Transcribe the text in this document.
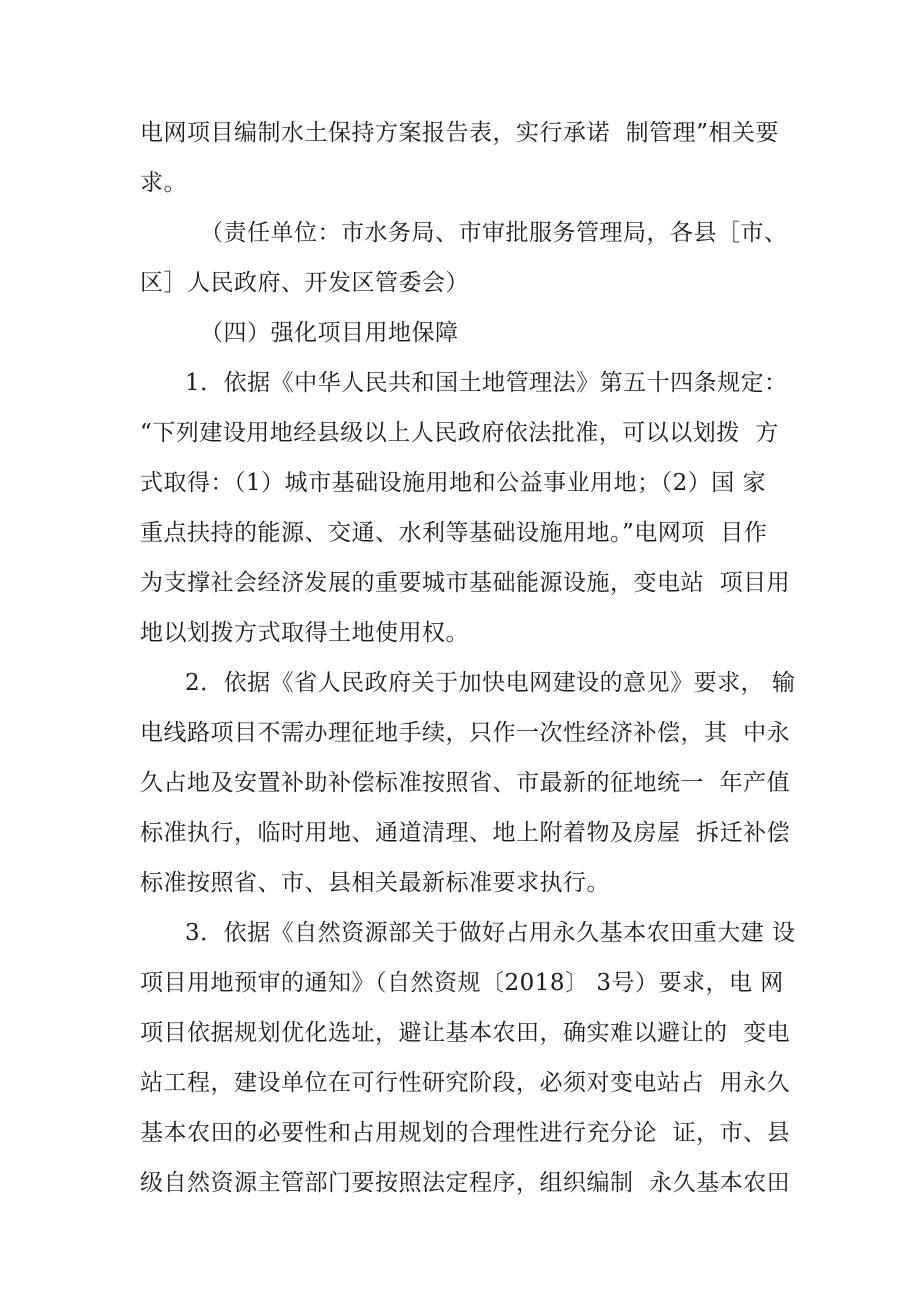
电网项目编制水土保持方案报告表，实行承诺  制管理”相关要
求。
（责任单位：市水务局、市审批服务管理局，各县［市、
区］人民政府、开发区管委会）
（四）强化项目用地保障
1．依据《中华人民共和国土地管理法》第五十四条规定：
“下列建设用地经县级以上人民政府依法批准，可以以划拨  方
式取得：（1）城市基础设施用地和公益事业用地；（2）国 家
重点扶持的能源、交通、水利等基础设施用地。”电网项  目作
为支撑社会经济发展的重要城市基础能源设施，变电站  项目用
地以划拨方式取得土地使用权。
2．依据《省人民政府关于加快电网建设的意见》要求， 输
电线路项目不需办理征地手续，只作一次性经济补偿，其  中永
久占地及安置补助补偿标准按照省、市最新的征地统一  年产值
标准执行，临时用地、通道清理、地上附着物及房屋  拆迁补偿
标准按照省、市、县相关最新标准要求执行。
3．依据《自然资源部关于做好占用永久基本农田重大建 设
项目用地预审的通知》（自然资规〔2018〕 3号）要求，电 网
项目依据规划优化选址，避让基本农田，确实难以避让的  变电
站工程，建设单位在可行性研究阶段，必须对变电站占  用永久
基本农田的必要性和占用规划的合理性进行充分论  证，市、县
级自然资源主管部门要按照法定程序，组织编制  永久基本农田
